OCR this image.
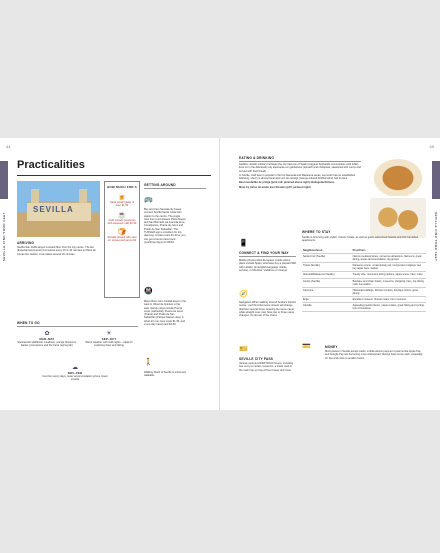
44
SEVILLE FIND YOUR FEET
Practicalities
SEVILLA
ARRIVING
Sevilla San Pablo airport Located 9km from the city centre. The EA (Especial Aeropuerto) bus leaves every 15 to 30 minutes to Plaza de Armas bus station. A taxi takes around 20 minutes.
HOW MUCH FOR A
🍺
Caña (small glass) of beer €1.50
☕
Café cortado (espresso with steamed milk) €1.50
🍞
Tostada (bread) with olive oil, tomato and jamón €4
GETTING AROUND
🚌
Bus and tram Several city buses connect Sevilla Santa Justa train station to the centre. The single tram line runs between Plaza Nueva and San Bernado via Avenida de la Constitución, Puerta de Jerez and Prado de San Sebastián. The TUSSAM app is excellent for trip planning. A ticket costs €1.40 or you can get a tourist travel card (one/three days) for €5/10.
🚇
Metro Runs from Ciudad Expo in the west to Olivar de Quintos in the east. Handy stops include Puerta Jerez (cathedral), Puerta de Jerez (Triana) and Prado de San Sebastián (Parque María Luisa). A ticket for one zone costs €1.35, and a one-day travel card €4.50.
🚶
Walking Much of Seville is extremely walkable.
WHEN TO GO
✿
MAR–MAY
Spectacular wildflower meadows, orange blossoms. Easter processions and the Feria (spring fair)
☀
SEP–OCT
Warm weather with mild nights – ideal for exploring cities and hiking
☁
NOV–FEB
Cool but sunny days, lower accommodation prices, fewer crowds
45
SEVILLE FIND YOUR FEET
EATING & DRINKING

Seville's Jewish culinary heritage (the city had one of Spain's biggest Sephardic communities until 1492) lives on in the deliciously oily espinacas con garbanzos (spinach and chickpeas, seasoned with cumin and served with fried bread).

In Seville, craft beer is popular in the hip Alameda and Macarena areas; vermouth has an established following; sherry is almost local and vino de naranja (orange-infused fortified wine) has its fans.

Best montadito de pringá (pork roll; pictured above right): Bodeguita Romero

Must-try tortas de aceite Ines Rosales (p70; pictured right)

📱
CONNECT & FIND YOUR WAY
Mobile phones Most European mobile phone plans include Spain; otherwise buy a prepaid SIM with Lebaler (an English-language mobile service), or Movistar, Vodafone or Orange.
🧭
Navigation When walking around Seville's historic centre, you'll find that some streets will change direction several times, keeping the same name, while straight ones may have two or three name changes. It's all part of the charm.
🎫
SEVILLE CITY PASS
Various options (24/48/72/100 hours), including free entry to certain museums, a travel card or the main hop-on hop-off tour buses and more.
WHERE TO STAY
Seville is brimming with stylish, historic hotels, as well as good, well-priced hostels and chic furnished apartments.
Neighbourhood	Pros/Cons
Santa Cruz (Seville)	Narrow medieval lanes, numerous attractions, flamenco, great dining, ample accommodation; big groups.
Triana (Seville)	Flamenco scene, contemporary art, inexpensive lodgings; few key tapas bars, market.
Alameda/Macarena (Seville)	Trendy vibe, numerous dining options, tapas scene, bars; noisy.
Centre (Seville)	Boutique and chain hotels, museums, shopping, bars, top dining, main bus station.
Carmona	Historical buildings, Roman remains; boutique hotels, good dining.
Écija	Excellent museum, Roman relics; hot in summer.
Cazalla	Appealing pueblo blanco, casas rurales, great hiking and cycling, bus connections.
💳	MONEY
Most places in Seville accept cards; mobile-device payment systems like Apple Pay and Google Pay are becoming more widespread. Always have some cash, especially for tips and costs to smaller towns.
